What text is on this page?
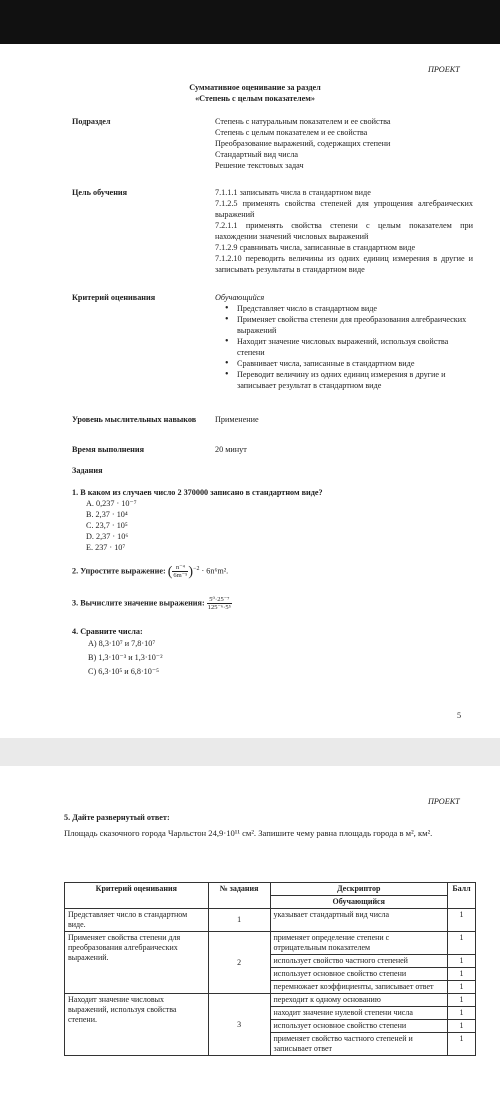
ПРОЕКТ
Суммативное оценивание за раздел
«Степень с целым показателем»
Подраздел	Степень с натуральным показателем и ее свойства
Степень с целым показателем и ее свойства
Преобразование выражений, содержащих степени
Стандартный вид числа
Решение текстовых задач
Цель обучения	7.1.1.1 записывать числа в стандартном виде
7.1.2.5 применять свойства степеней для упрощения алгебраических выражений
7.2.1.1 применять свойства степени с целым показателем при нахождении значений числовых выражений
7.1.2.9 сравнивать числа, записанные в стандартном виде
7.1.2.10 переводить величины из одних единиц измерения в другие и записывать результаты в стандартном виде
Критерий оценивания	Обучающийся
• Представляет число в стандартном виде
• Применяет свойства степени для преобразования алгебраических выражений
• Находит значение числовых выражений, используя свойства степени
• Сравнивает числа, записанные в стандартном виде
• Переводит величину из одних единиц измерения в другие и записывает результат в стандартном виде
Уровень мыслительных навыков	Применение
Время выполнения	20 минут
Задания
1. В каком из случаев число 2 370000 записано в стандартном виде?
A. 0,237 · 10⁻⁷
B. 2,37 · 10⁴
C. 23,7 · 10⁵
D. 2,37 · 10⁶
E. 237 · 10⁷
2. Упростите выражение: ( $\frac{\text{n⁻⁴}}{\text{6m⁻⁵}} )^{-2} \cdot 6n^6m^2$.
3. Вычислите значение выражения: $\frac{\text{5⁰·25⁻⁷}}{\text{125⁻⁶·5⁵}}$
4. Сравните числа:
A) 8,3·10⁷ и 7,8·10⁷
B) 1,3·10⁻³ и 1,3·10⁻²
C) 6,3·10⁵ и 6,8·10⁻⁵
5
ПРОЕКТ
5. Дайте развернутый ответ:
Площадь сказочного города Чарльстон 24,9·10¹¹ см². Запишите чему равна площадь города в м², км².
Критерий оценивания	№ задания	Дескриптор	Балл
		Обучающийся	
Представляет число в стандартном виде.	1	указывает стандартный вид числа	1
Применяет свойства степени для преобразования алгебраических выражений.	2	применяет определение степени с отрицательным показателем	1
		использует свойство частного степеней	1
		использует основное свойство степени	1
		перемножает коэффициенты, записывает ответ	1
Находит значение числовых выражений, используя свойства степени.	3	переходит к одному основанию	1
		находит значение нулевой степени числа	1
		использует основное свойство степени	1
		применяет свойство частного степеней и записывает ответ	1
